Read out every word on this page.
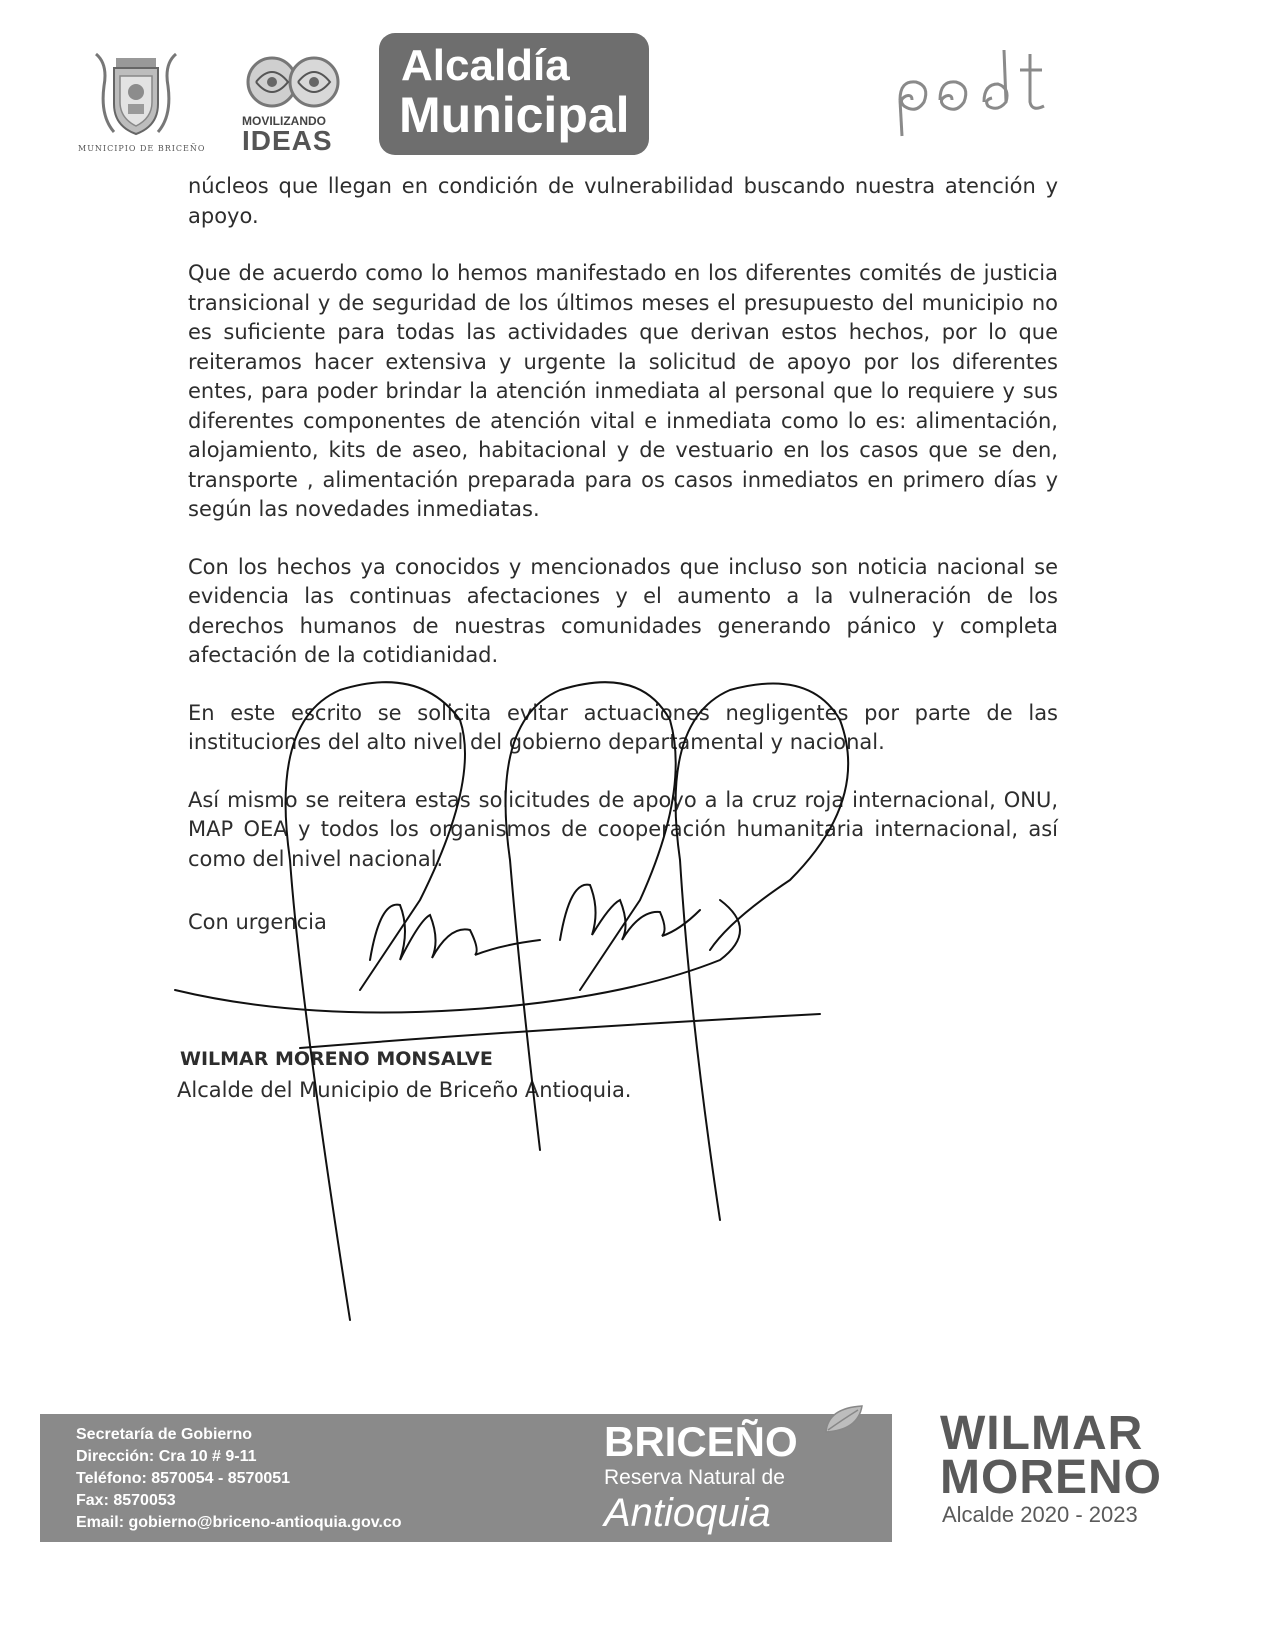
MUNICIPIO DE BRICEÑO
MOVILIZANDO
IDEAS
Alcaldía
Municipal

núcleos que llegan en condición de vulnerabilidad buscando nuestra atención y apoyo.

Que de acuerdo como lo hemos manifestado en los diferentes comités de justicia transicional y de seguridad de los últimos meses el presupuesto del municipio no es suficiente para todas las actividades que derivan estos hechos, por lo que reiteramos hacer extensiva y urgente la solicitud de apoyo por los diferentes entes, para poder brindar la atención inmediata al personal que lo requiere y sus diferentes componentes de atención vital e inmediata como lo es: alimentación, alojamiento, kits de aseo, habitacional y de vestuario en los casos que se den, transporte , alimentación preparada para os casos inmediatos en primero días y según las novedades inmediatas.

Con los hechos ya conocidos y mencionados que incluso son noticia nacional se evidencia las continuas afectaciones y el aumento a la vulneración de los derechos humanos de nuestras comunidades generando pánico y completa afectación de la cotidianidad.

En este escrito se solicita evitar actuaciones negligentes por parte de las instituciones del alto nivel del gobierno departamental y nacional.

Así mismo se reitera estas solicitudes de apoyo a la cruz roja internacional, ONU, MAP OEA y todos los organismos de cooperación humanitaria internacional, así como del nivel nacional.

Con urgencia

WILMAR MORENO MONSALVE
Alcalde del Municipio de Briceño Antioquia.
Secretaría de Gobierno
Dirección: Cra 10 # 9-11
Teléfono: 8570054 - 8570051
Fax: 8570053
Email: gobierno@briceno-antioquia.gov.co
BRICEÑO
Reserva Natural de
Antioquia
WILMAR
MORENO
Alcalde 2020 - 2023
